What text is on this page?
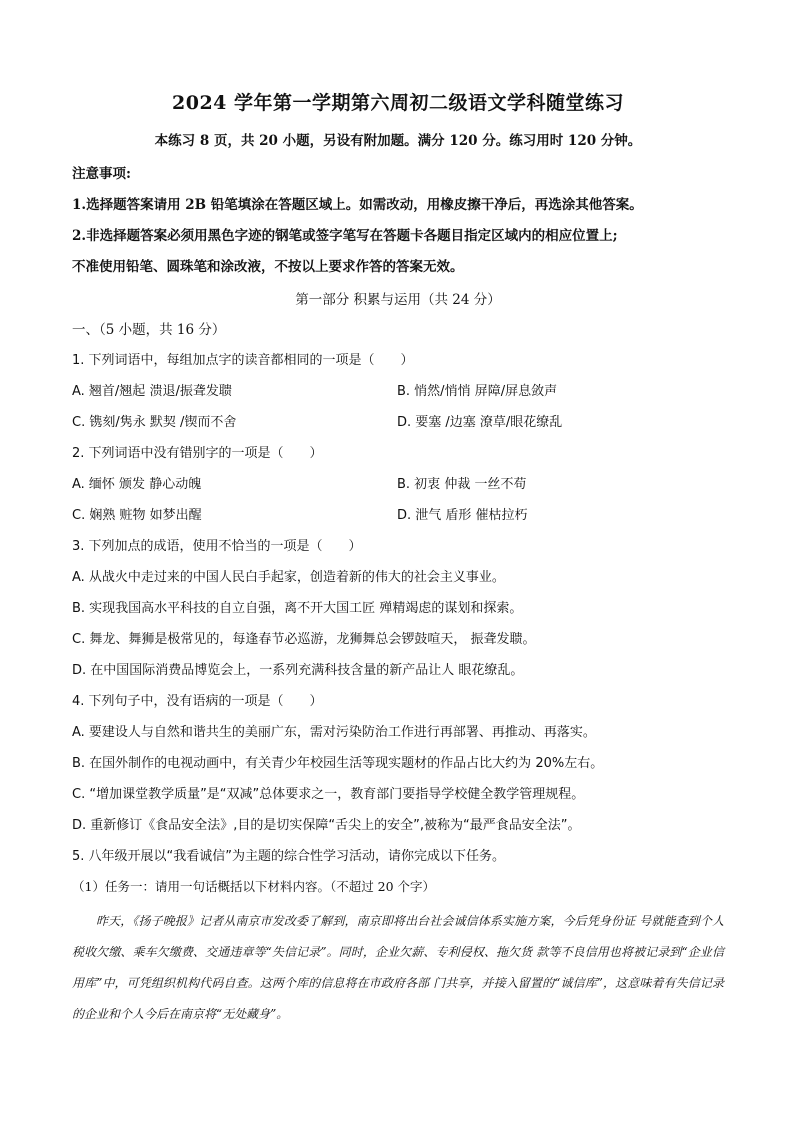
2024 学年第一学期第六周初二级语文学科随堂练习

本练习 8 页，共 20 小题，另设有附加题。满分 120 分。练习用时 120 分钟。

注意事项:

1.选择题答案请用 2B 铅笔填涂在答题区域上。如需改动，用橡皮擦干净后，再选涂其他答案。

2.非选择题答案必须用黑色字迹的钢笔或签字笔写在答题卡各题目指定区域内的相应位置上;

不准使用铅笔、圆珠笔和涂改液，不按以上要求作答的答案无效。

第一部分 积累与运用（共 24 分）

一、（5 小题，共 16 分）

1. 下列词语中，每组加点字的读音都相同的一项是（　　）

A. 翘首/翘起 溃退/振聋发聩	B. 悄然/悄悄 屏障/屏息敛声
C. 镌刻/隽永 默契 /锲而不舍	D. 要塞 /边塞 潦草/眼花缭乱

2. 下列词语中没有错别字的一项是（　　）

A. 缅怀 颁发 静心动魄	B. 初衷 仲裁 一丝不苟
C. 娴熟 赃物 如梦出醒	D. 泄气 盾形 催枯拉朽

3. 下列加点的成语，使用不恰当的一项是（　　）

A. 从战火中走过来的中国人民白手起家，创造着新的伟大的社会主义事业。

B. 实现我国高水平科技的自立自强，离不开大国工匠 殚精竭虑的谋划和探索。

C. 舞龙、舞狮是极常见的，每逢春节必巡游，龙狮舞总会锣鼓喧天， 振聋发聩。

D. 在中国国际消费品博览会上，一系列充满科技含量的新产品让人 眼花缭乱。

4. 下列句子中，没有语病的一项是（　　）

A. 要建设人与自然和谐共生的美丽广东，需对污染防治工作进行再部署、再推动、再落实。

B. 在国外制作的电视动画中，有关青少年校园生活等现实题材的作品占比大约为 20%左右。

C. “增加课堂教学质量”是“双减”总体要求之一，教育部门要指导学校健全教学管理规程。

D. 重新修订《食品安全法》,目的是切实保障“舌尖上的安全”,被称为“最严食品安全法”。

5. 八年级开展以“我看诚信”为主题的综合性学习活动，请你完成以下任务。

（1）任务一：请用一句话概括以下材料内容。（不超过 20 个字）

昨天，《扬子晚报》记者从南京市发改委了解到，南京即将出台社会诚信体系实施方案，今后凭身份证 号就能查到个人税收欠缴、乘车欠缴费、交通违章等“失信记录”。同时，企业欠薪、专利侵权、拖欠货 款等不良信用也将被记录到“企业信用库”中，可凭组织机构代码自查。这两个库的信息将在市政府各部 门共享，并接入留置的“诚信库”，这意味着有失信记录的企业和个人今后在南京将“无处藏身”。
